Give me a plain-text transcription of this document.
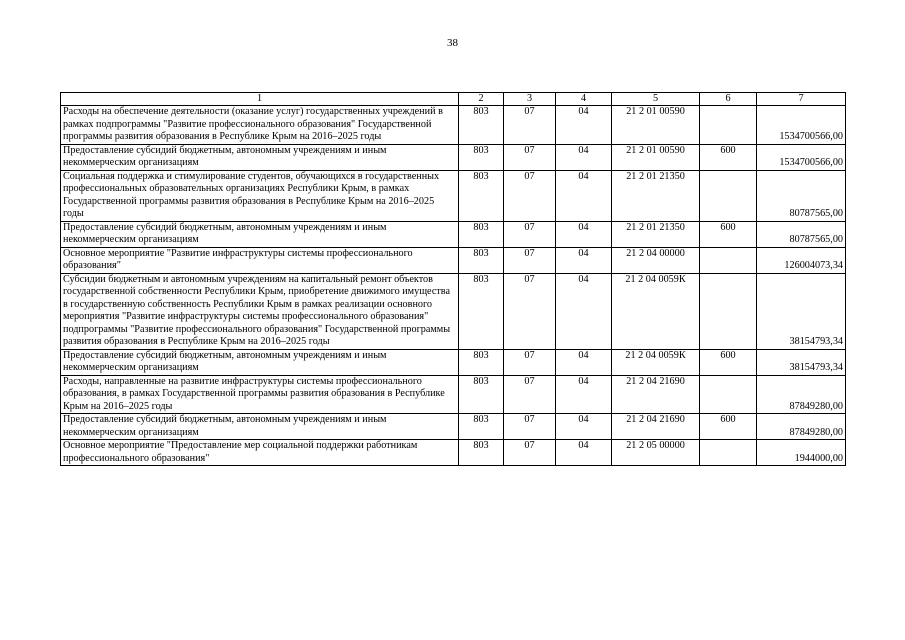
38
1	2	3	4	5	6	7
Расходы на обеспечение деятельности (оказание услуг) государственных учреждений в рамках подпрограммы "Развитие профессионального образования" Государственной программы развития образования в Республике Крым на 2016–2025 годы	803	07	04	21 2 01 00590		1534700566,00
Предоставление субсидий бюджетным, автономным учреждениям и иным некоммерческим организациям	803	07	04	21 2 01 00590	600	1534700566,00
Социальная поддержка и стимулирование студентов, обучающихся в государственных профессиональных образовательных организациях Республики Крым, в рамках Государственной программы развития образования в Республике Крым на 2016–2025 годы	803	07	04	21 2 01 21350		80787565,00
Предоставление субсидий бюджетным, автономным учреждениям и иным некоммерческим организациям	803	07	04	21 2 01 21350	600	80787565,00
Основное мероприятие "Развитие инфраструктуры системы профессионального образования"	803	07	04	21 2 04 00000		126004073,34
Субсидии бюджетным и автономным учреждениям на капитальный ремонт объектов государственной собственности Республики Крым, приобретение движимого имущества в государственную собственность Республики Крым в рамках реализации основного мероприятия "Развитие инфраструктуры системы профессионального образования" подпрограммы "Развитие профессионального образования" Государственной программы развития образования в Республике Крым на 2016–2025 годы	803	07	04	21 2 04 0059К		38154793,34
Предоставление субсидий бюджетным, автономным учреждениям и иным некоммерческим организациям	803	07	04	21 2 04 0059К	600	38154793,34
Расходы, направленные на развитие инфраструктуры системы профессионального образования, в рамках Государственной программы развития образования в Республике Крым на 2016–2025 годы	803	07	04	21 2 04 21690		87849280,00
Предоставление субсидий бюджетным, автономным учреждениям и иным некоммерческим организациям	803	07	04	21 2 04 21690	600	87849280,00
Основное мероприятие "Предоставление мер социальной поддержки работникам профессионального образования"	803	07	04	21 2 05 00000		1944000,00
